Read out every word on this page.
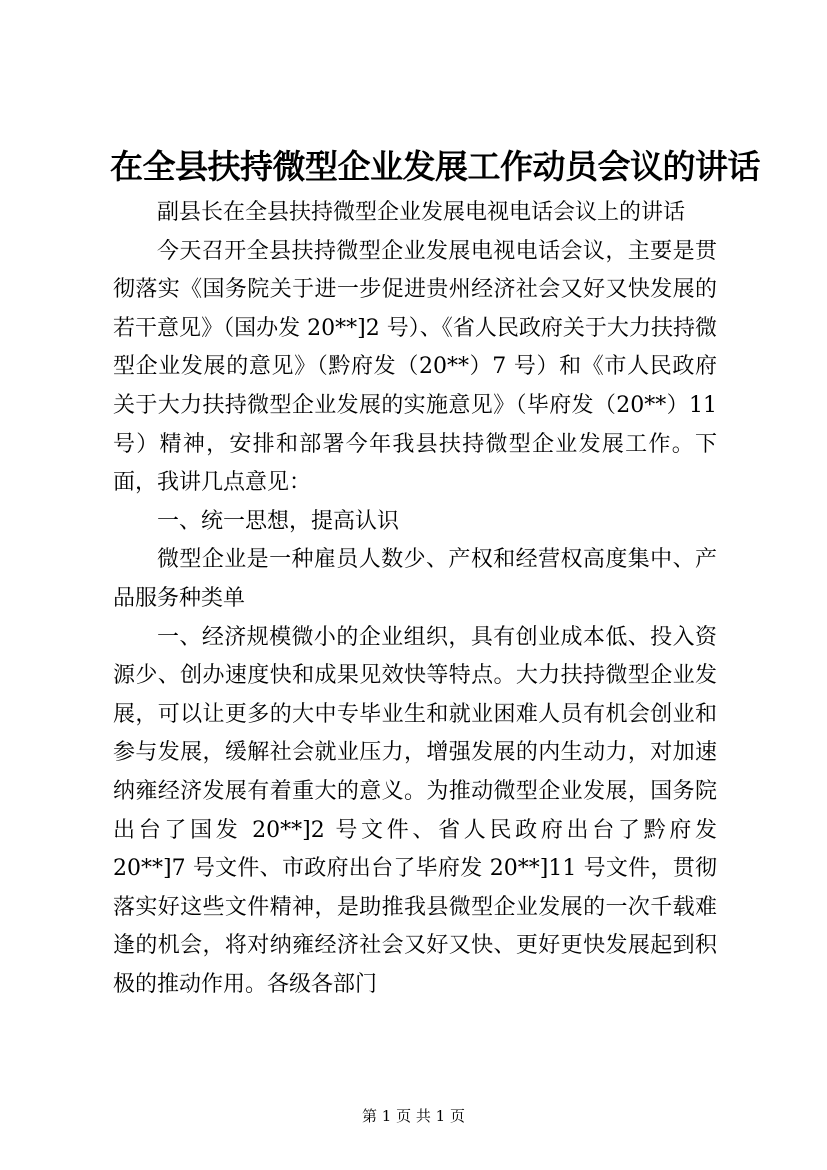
在全县扶持微型企业发展工作动员会议的讲话

副县长在全县扶持微型企业发展电视电话会议上的讲话

今天召开全县扶持微型企业发展电视电话会议，主要是贯彻落实《国务院关于进一步促进贵州经济社会又好又快发展的若干意见》（国办发 20**]2 号）、《省人民政府关于大力扶持微型企业发展的意见》（黔府发（20**）7 号）和《市人民政府关于大力扶持微型企业发展的实施意见》（毕府发（20**）11 号）精神，安排和部署今年我县扶持微型企业发展工作。下面，我讲几点意见：

一、统一思想，提高认识

微型企业是一种雇员人数少、产权和经营权高度集中、产品服务种类单

一、经济规模微小的企业组织，具有创业成本低、投入资源少、创办速度快和成果见效快等特点。大力扶持微型企业发展，可以让更多的大中专毕业生和就业困难人员有机会创业和参与发展，缓解社会就业压力，增强发展的内生动力，对加速纳雍经济发展有着重大的意义。为推动微型企业发展，国务院出台了国发 20**]2 号文件、省人民政府出台了黔府发 20**]7 号文件、市政府出台了毕府发 20**]11 号文件，贯彻落实好这些文件精神，是助推我县微型企业发展的一次千载难逢的机会，将对纳雍经济社会又好又快、更好更快发展起到积极的推动作用。各级各部门

第 1 页 共 1 页
